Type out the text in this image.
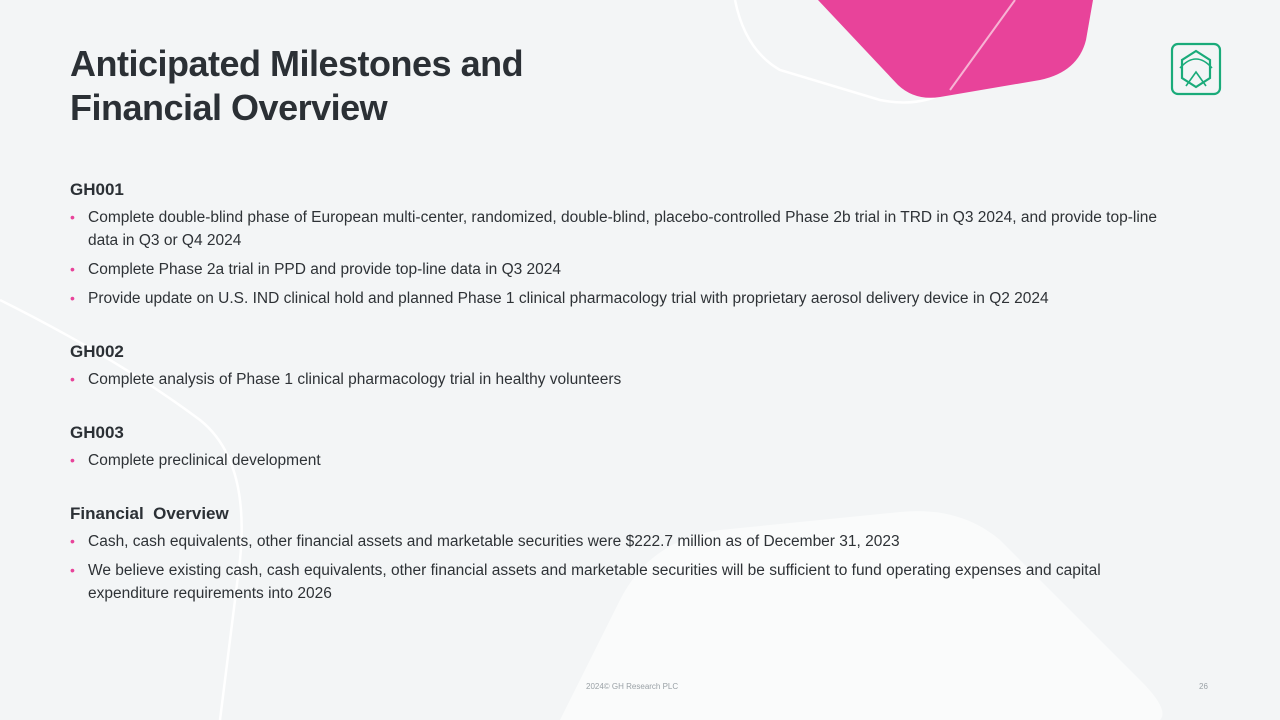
Anticipated Milestones and
Financial Overview
GH001
• Complete double-blind phase of European multi-center, randomized, double-blind, placebo-controlled Phase 2b trial in TRD in Q3 2024, and provide top-line data in Q3 or Q4 2024
• Complete Phase 2a trial in PPD and provide top-line data in Q3 2024
• Provide update on U.S. IND clinical hold and planned Phase 1 clinical pharmacology trial with proprietary aerosol delivery device in Q2 2024
GH002
• Complete analysis of Phase 1 clinical pharmacology trial in healthy volunteers
GH003
• Complete preclinical development
Financial  Overview
• Cash, cash equivalents, other financial assets and marketable securities were $222.7 million as of December 31, 2023
• We believe existing cash, cash equivalents, other financial assets and marketable securities will be sufficient to fund operating expenses and capital expenditure requirements into 2026
2024© GH Research PLC	26
